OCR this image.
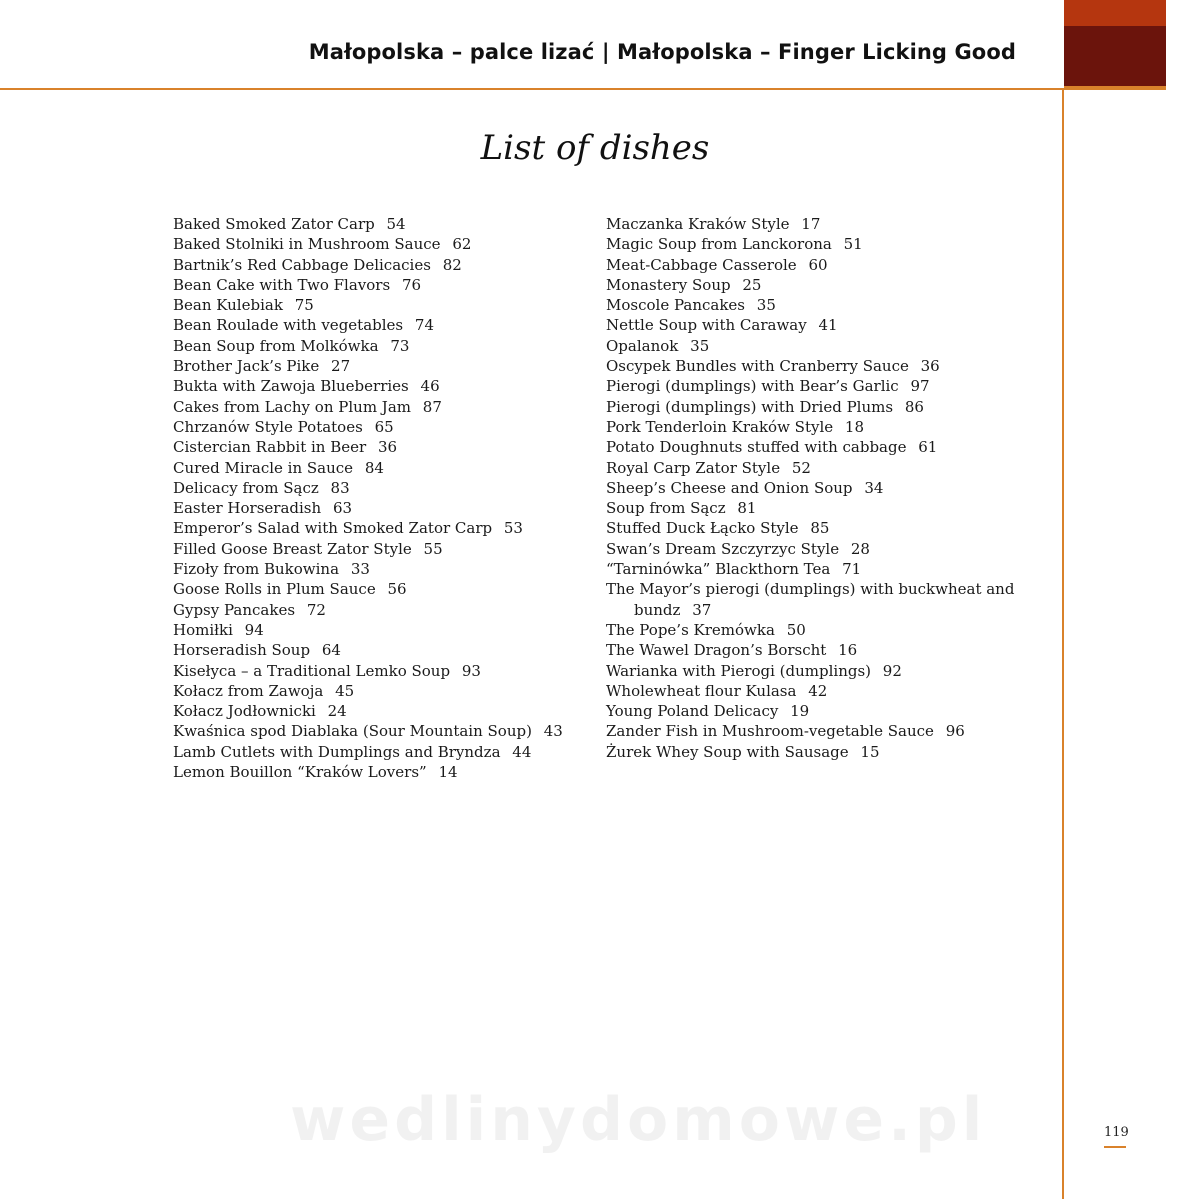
Małopolska – palce lizać | Małopolska – Finger Licking Good
List of dishes
Baked Smoked Zator Carp 54
Baked Stolniki in Mushroom Sauce 62
Bartnik’s Red Cabbage Delicacies 82
Bean Cake with Two Flavors 76
Bean Kulebiak 75
Bean Roulade with vegetables 74
Bean Soup from Molkówka 73
Brother Jack’s Pike 27
Bukta with Zawoja Blueberries 46
Cakes from Lachy on Plum Jam 87
Chrzanów Style Potatoes 65
Cistercian Rabbit in Beer 36
Cured Miracle in Sauce 84
Delicacy from Sącz 83
Easter Horseradish 63
Emperor’s Salad with Smoked Zator Carp 53
Filled Goose Breast Zator Style 55
Fizoły from Bukowina 33
Goose Rolls in Plum Sauce 56
Gypsy Pancakes 72
Homiłki 94
Horseradish Soup 64
Kisełyca – a Traditional Lemko Soup 93
Kołacz from Zawoja 45
Kołacz Jodłownicki 24
Kwaśnica spod Diablaka (Sour Mountain Soup) 43
Lamb Cutlets with Dumplings and Bryndza 44
Lemon Bouillon “Kraków Lovers” 14
Maczanka Kraków Style 17
Magic Soup from Lanckorona 51
Meat-Cabbage Casserole 60
Monastery Soup 25
Moscole Pancakes 35
Nettle Soup with Caraway 41
Opalanok 35
Oscypek Bundles with Cranberry Sauce 36
Pierogi (dumplings) with Bear’s Garlic 97
Pierogi (dumplings) with Dried Plums 86
Pork Tenderloin Kraków Style 18
Potato Doughnuts stuffed with cabbage 61
Royal Carp Zator Style 52
Sheep’s Cheese and Onion Soup 34
Soup from Sącz 81
Stuffed Duck Łącko Style 85
Swan’s Dream Szczyrzyc Style 28
“Tarninówka” Blackthorn Tea 71
The Mayor’s pierogi (dumplings) with buckwheat and bundz 37
The Pope’s Kremówka 50
The Wawel Dragon’s Borscht 16
Warianka with Pierogi (dumplings) 92
Wholewheat flour Kulasa 42
Young Poland Delicacy 19
Zander Fish in Mushroom-vegetable Sauce 96
Żurek Whey Soup with Sausage 15
wedlinydomowe.pl	119
